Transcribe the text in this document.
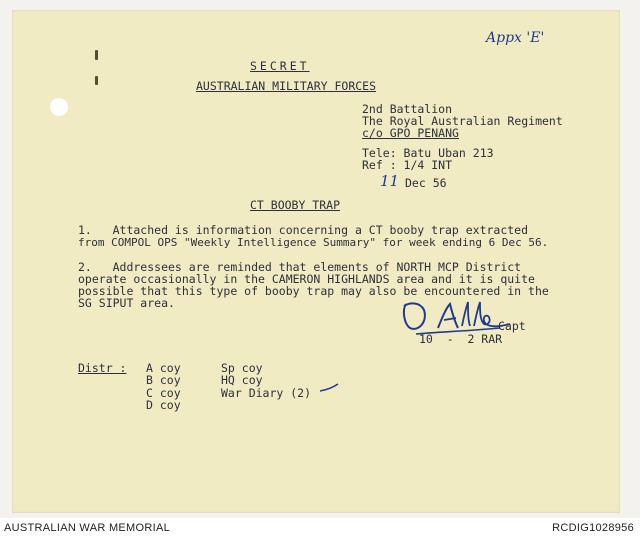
Appx 'E'
SECRET
AUSTRALIAN MILITARY FORCES
2nd Battalion
The Royal Australian Regiment
c/o GPO PENANG
Tele: Batu Uban 213
Ref : 1/4 INT
11 Dec 56
CT BOOBY TRAP
1.   Attached is information concerning a CT booby trap extracted
from COMPOL OPS "Weekly Intelligence Summary" for week ending 6 Dec 56.
2.   Addressees are reminded that elements of NORTH MCP District
operate occasionally in the CAMERON HIGHLANDS area and it is quite
possible that this type of booby trap may also be encountered in the
SG SIPUT area.
Capt
10  -  2 RAR
Distr : A coy
B coy
C coy
D coy
Sp coy
HQ coy
War Diary (2)
AUSTRALIAN WAR MEMORIAL	RCDIG1028956
